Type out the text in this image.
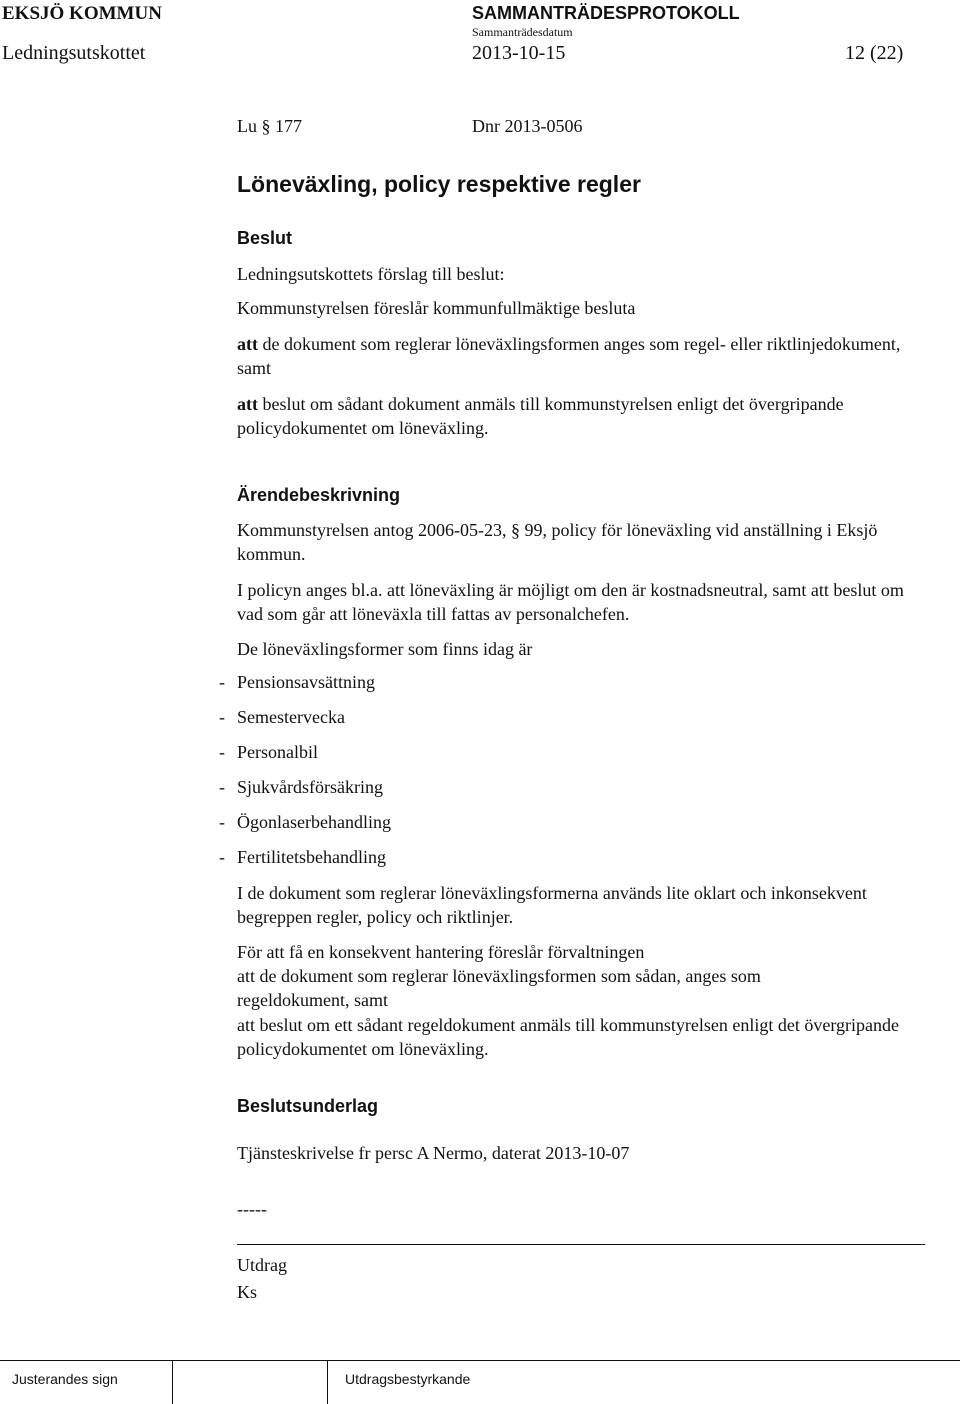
EKSJÖ KOMMUN	SAMMANTRÄDESPROTOKOLL
Sammanträdesdatum
Ledningsutskottet	2013-10-15	12 (22)
Lu § 177	Dnr 2013-0506
Löneväxling, policy respektive regler
Beslut

Ledningsutskottets förslag till beslut:

Kommunstyrelsen föreslår kommunfullmäktige besluta

att de dokument som reglerar löneväxlingsformen anges som regel- eller riktlinjedokument, samt

att beslut om sådant dokument anmäls till kommunstyrelsen enligt det övergripande policydokumentet om löneväxling.

Ärendebeskrivning

Kommunstyrelsen antog 2006-05-23, § 99, policy för löneväxling vid anställning i Eksjö kommun.

I policyn anges bl.a. att löneväxling är möjligt om den är kostnadsneutral, samt att beslut om vad som går att löneväxla till fattas av personalchefen.

De löneväxlingsformer som finns idag är

- Pensionsavsättning
- Semestervecka
- Personalbil
- Sjukvårdsförsäkring
- Ögonlaserbehandling
- Fertilitetsbehandling

I de dokument som reglerar löneväxlingsformerna används lite oklart och inkonsekvent begreppen regler, policy och riktlinjer.

För att få en konsekvent hantering föreslår förvaltningen

att de dokument som reglerar löneväxlingsformen som sådan, anges som regeldokument, samt

att beslut om ett sådant regeldokument anmäls till kommunstyrelsen enligt det övergripande policydokumentet om löneväxling.

Beslutsunderlag
Tjänsteskrivelse fr persc A Nermo, daterat 2013-10-07
-----
Utdrag
Ks
Justerandes sign	Utdragsbestyrkande
